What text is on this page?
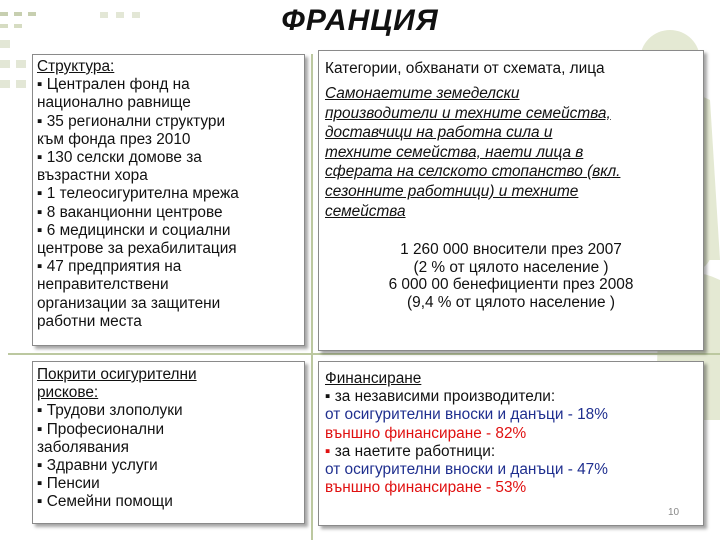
ФРАНЦИЯ
Структура:
▪ Централен фонд на
национално равнище
▪ 35 регионални структури
към фонда през 2010
▪ 130 селски домове за
възрастни хора
▪ 1 телеосигурителна мрежа
▪ 8 ваканционни центрове
▪ 6 медицински и социални
центрове за рехабилитация
▪ 47 предприятия на
неправителствени
организации за защитени
работни места
Категории, обхванати от схемата, лица
Самонаетите земеделски
производители и техните семейства,
доставчици на работна сила и
техните семейства, наети лица в
сферата на селското стопанство (вкл.
сезонните работници) и техните
семейства
1 260 000 вносители през 2007
(2 % от цялото население )
6 000 00 бенефициенти през 2008
(9,4 % от цялото население )
Покрити осигурителни
рискове:
▪ Трудови злополуки
▪ Професионални
заболявания
▪ Здравни услуги
▪ Пенсии
▪ Семейни помощи
Финансиране
▪ за независими производители:
от осигурителни вноски и данъци - 18%
външно финансиране - 82%
▪ за наетите работници:
от осигурителни вноски и данъци - 47%
външно финансиране - 53%
10
